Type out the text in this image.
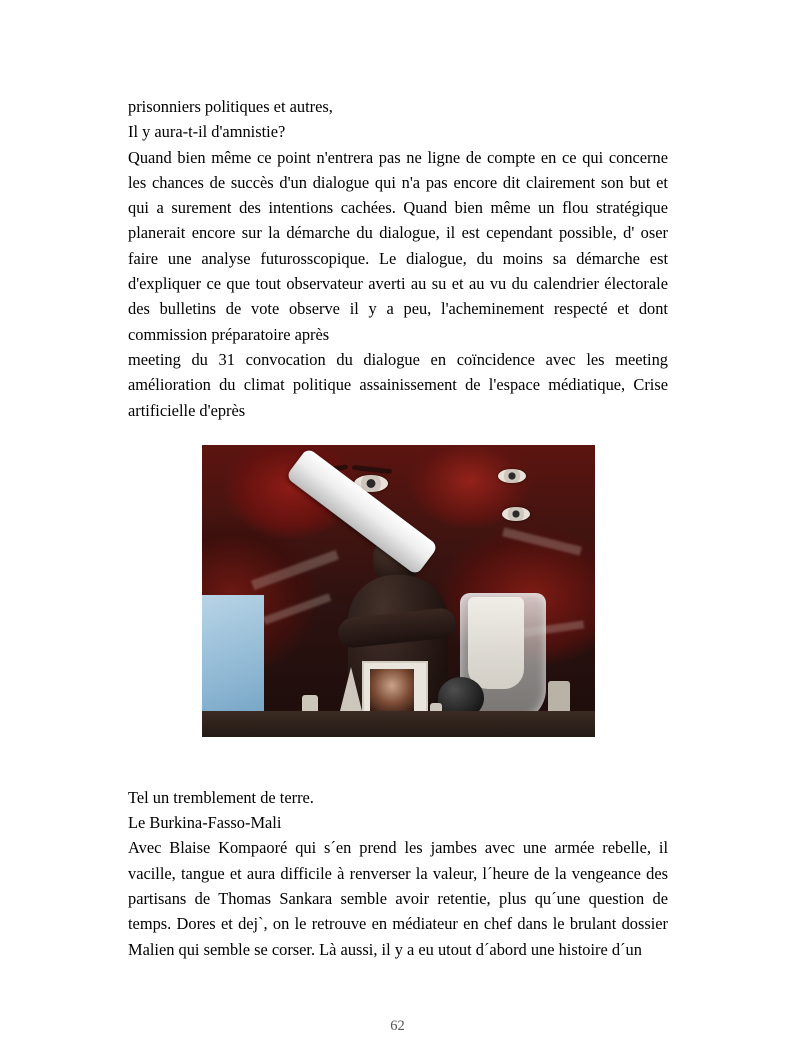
prisonniers politiques et autres,

Il y aura-t-il d'amnistie?

Quand bien même ce point n'entrera pas ne ligne de compte en ce qui concerne les chances de succès d'un dialogue qui n'a pas encore dit clairement son but et qui a surement des intentions cachées. Quand bien même un flou stratégique planerait encore sur la démarche du dialogue, il est cependant possible, d' oser faire une analyse futurosscopique. Le dialogue, du moins sa démarche est d'expliquer ce que tout observateur averti au su et au vu du calendrier électorale des bulletins de vote observe il y a peu, l'acheminement respecté et dont commission préparatoire après

meeting du 31 convocation du dialogue en coïncidence avec les meeting amélioration du climat politique assainissement de l'espace médiatique, Crise artificielle d'eprès

Tel un tremblement de terre.

Le Burkina-Fasso-Mali

Avec Blaise Kompaoré qui s´en prend les jambes avec une armée rebelle, il vacille, tangue et aura difficile à renverser la valeur, l´heure de la vengeance des partisans de Thomas Sankara semble avoir retentie, plus qu´une question de temps. Dores et dej`, on le retrouve en médiateur en chef dans le brulant dossier Malien qui semble se corser. Là aussi, il y a eu utout d´abord une histoire d´un

62
